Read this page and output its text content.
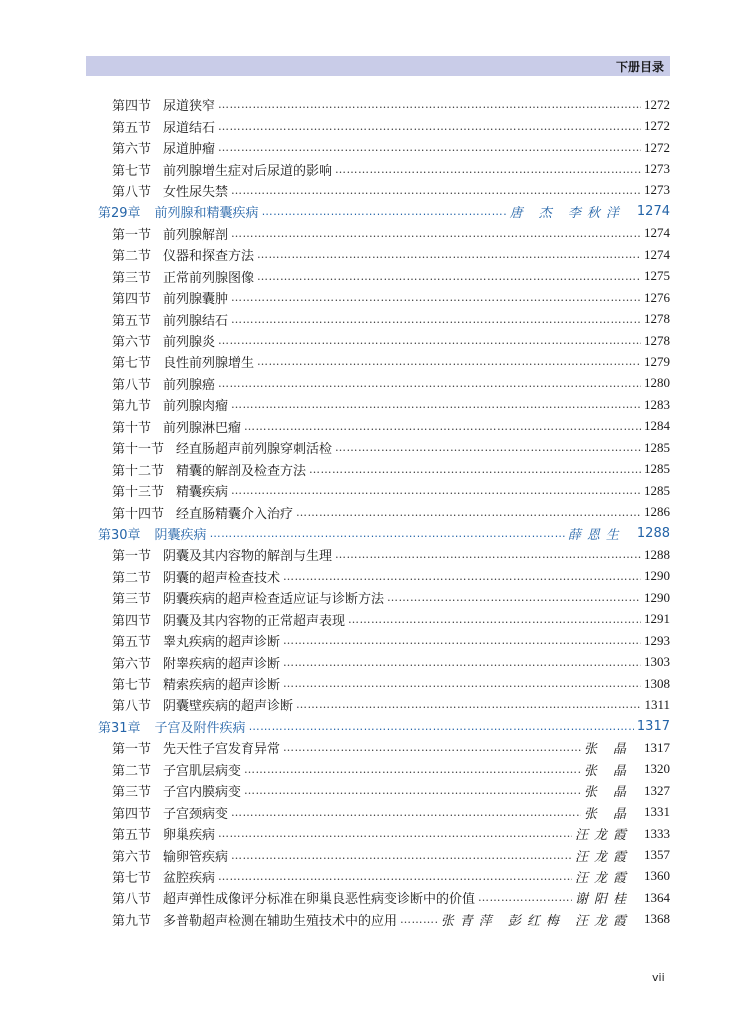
下册目录
第四节 尿道狭窄 …………………………………………………………………………………………………………………………………………………………	1272
第五节 尿道结石 …………………………………………………………………………………………………………………………………………………………	1272
第六节 尿道肿瘤 …………………………………………………………………………………………………………………………………………………………	1272
第七节 前列腺增生症对后尿道的影响 …………………………………………………………………………………………………………………………………………………………	1273
第八节 女性尿失禁 …………………………………………………………………………………………………………………………………………………………	1273
第29章 前列腺和精囊疾病 …………………………………………………………………………………………………………………………………………………………	唐 杰 李秋洋 1274
第一节 前列腺解剖 …………………………………………………………………………………………………………………………………………………………	1274
第二节 仪器和探查方法 …………………………………………………………………………………………………………………………………………………………	1274
第三节 正常前列腺图像 …………………………………………………………………………………………………………………………………………………………	1275
第四节 前列腺囊肿 …………………………………………………………………………………………………………………………………………………………	1276
第五节 前列腺结石 …………………………………………………………………………………………………………………………………………………………	1278
第六节 前列腺炎 …………………………………………………………………………………………………………………………………………………………	1278
第七节 良性前列腺增生 …………………………………………………………………………………………………………………………………………………………	1279
第八节 前列腺癌 …………………………………………………………………………………………………………………………………………………………	1280
第九节 前列腺肉瘤 …………………………………………………………………………………………………………………………………………………………	1283
第十节 前列腺淋巴瘤 …………………………………………………………………………………………………………………………………………………………	1284
第十一节 经直肠超声前列腺穿刺活检 …………………………………………………………………………………………………………………………………………………………	1285
第十二节 精囊的解剖及检查方法 …………………………………………………………………………………………………………………………………………………………	1285
第十三节 精囊疾病 …………………………………………………………………………………………………………………………………………………………	1285
第十四节 经直肠精囊介入治疗 …………………………………………………………………………………………………………………………………………………………	1286
第30章 阴囊疾病 …………………………………………………………………………………………………………………………………………………………	薛恩生 1288
第一节 阴囊及其内容物的解剖与生理 …………………………………………………………………………………………………………………………………………………………	1288
第二节 阴囊的超声检查技术 …………………………………………………………………………………………………………………………………………………………	1290
第三节 阴囊疾病的超声检查适应证与诊断方法 …………………………………………………………………………………………………………………………………………………………	1290
第四节 阴囊及其内容物的正常超声表现 …………………………………………………………………………………………………………………………………………………………	1291
第五节 睾丸疾病的超声诊断 …………………………………………………………………………………………………………………………………………………………	1293
第六节 附睾疾病的超声诊断 …………………………………………………………………………………………………………………………………………………………	1303
第七节 精索疾病的超声诊断 …………………………………………………………………………………………………………………………………………………………	1308
第八节 阴囊壁疾病的超声诊断 …………………………………………………………………………………………………………………………………………………………	1311
第31章 子宫及附件疾病 …………………………………………………………………………………………………………………………………………………………	1317
第一节 先天性子宫发育异常 …………………………………………………………………………………………………………………………………………………………	张 晶 1317
第二节 子宫肌层病变 …………………………………………………………………………………………………………………………………………………………	张 晶 1320
第三节 子宫内膜病变 …………………………………………………………………………………………………………………………………………………………	张 晶 1327
第四节 子宫颈病变 …………………………………………………………………………………………………………………………………………………………	张 晶 1331
第五节 卵巢疾病 …………………………………………………………………………………………………………………………………………………………	汪龙霞 1333
第六节 输卵管疾病 …………………………………………………………………………………………………………………………………………………………	汪龙霞 1357
第七节 盆腔疾病 …………………………………………………………………………………………………………………………………………………………	汪龙霞 1360
第八节 超声弹性成像评分标准在卵巢良恶性病变诊断中的价值 …………………………………………………………………………………………………………………………………………………………	谢阳桂 1364
第九节 多普勒超声检测在辅助生殖技术中的应用 …………………………………………………………………………………………………………………………………………………………	张青萍 彭红梅 汪龙霞 1368
vii
